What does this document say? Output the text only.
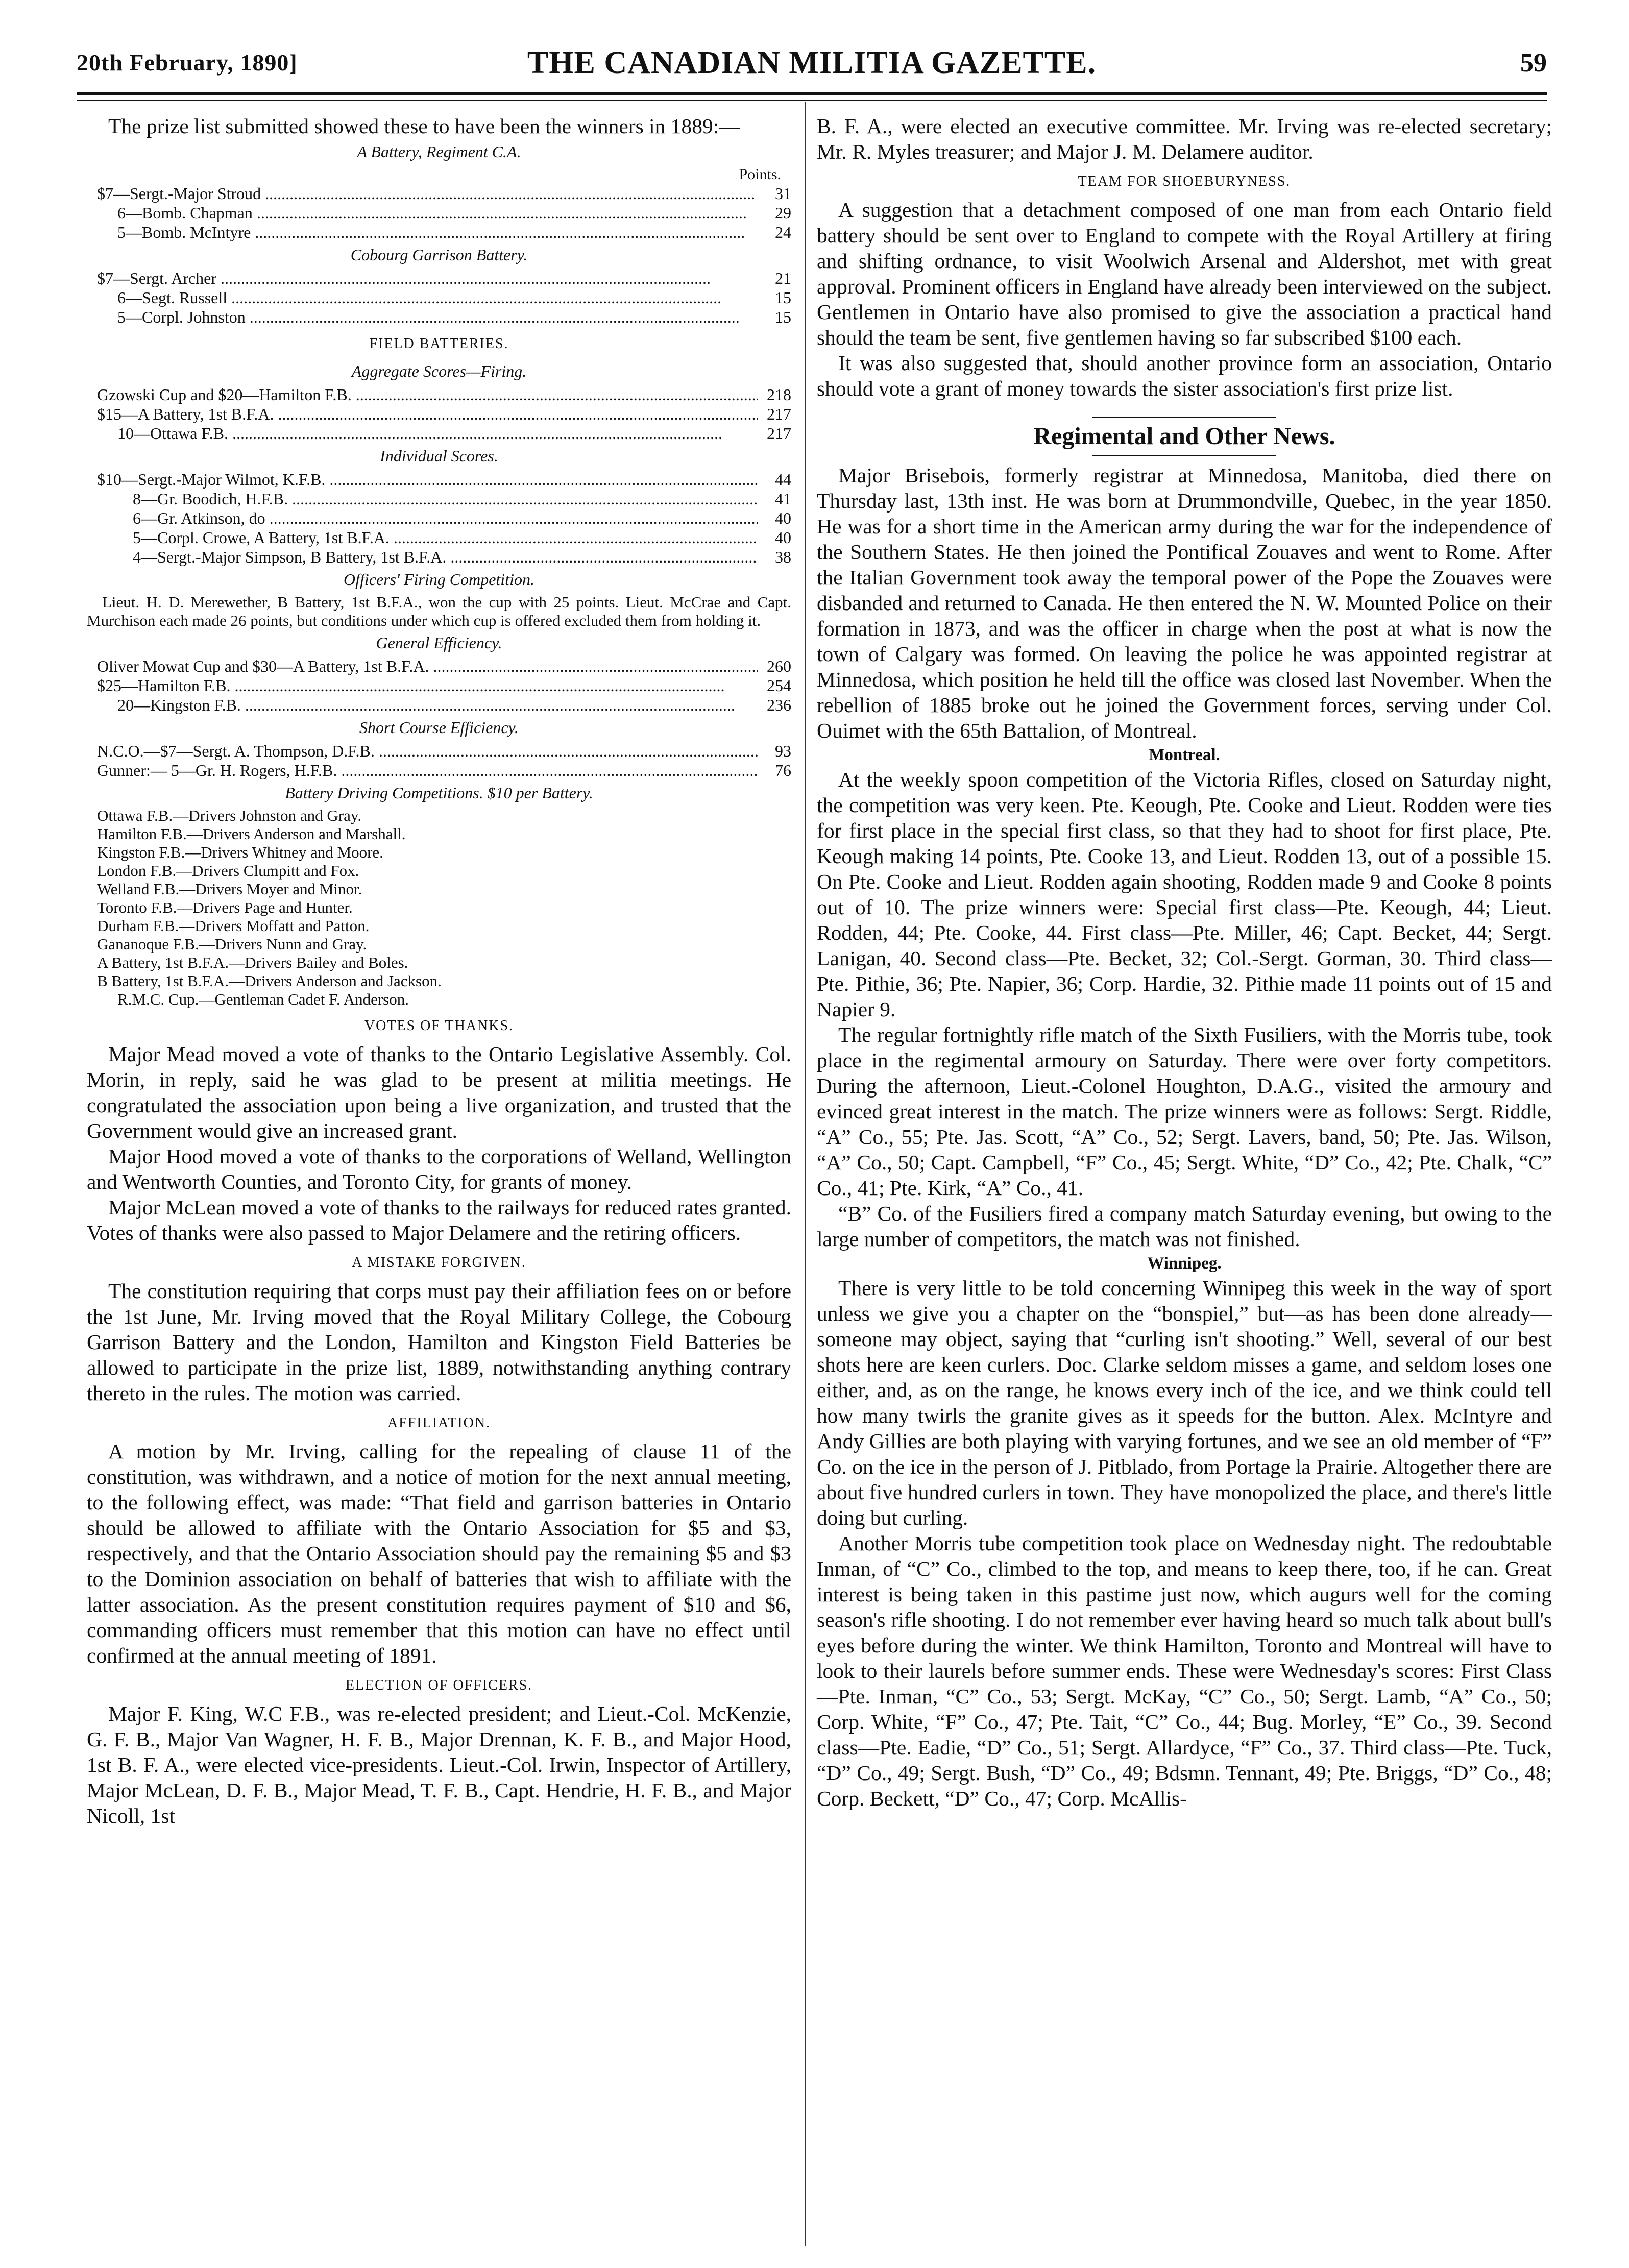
20th February, 1890]	THE CANADIAN MILITIA GAZETTE.	59

The prize list submitted showed these to have been the winners in 1889:—

A Battery, Regiment C.A.
Points.
$7—Sergt.-Major Stroud .....	31
6—Bomb. Chapman .....	29
5—Bomb. McIntyre .....	24
Cobourg Garrison Battery.
$7—Sergt. Archer .....	21
6—Segt. Russell .....	15
5—Corpl. Johnston .....	15
FIELD BATTERIES.
Aggregate Scores—Firing.
Gzowski Cup and $20—Hamilton F.B. .....	218
$15—A Battery, 1st B.F.A. .....	217
10—Ottawa F.B. .....	217
Individual Scores.
$10—Sergt.-Major Wilmot, K.F.B. .....	44
8—Gr. Boodich, H.F.B. .....	41
6—Gr. Atkinson, do .....	40
5—Corpl. Crowe, A Battery, 1st B.F.A. .....	40
4—Sergt.-Major Simpson, B Battery, 1st B.F.A. .....	38
Officers' Firing Competition.

Lieut. H. D. Merewether, B Battery, 1st B.F.A., won the cup with 25 points. Lieut. McCrae and Capt. Murchison each made 26 points, but conditions under which cup is offered excluded them from holding it.

General Efficiency.
Oliver Mowat Cup and $30—A Battery, 1st B.F.A. .....	260
$25—Hamilton F.B. .....	254
20—Kingston F.B. .....	236
Short Course Efficiency.
N.C.O.—$7—Sergt. A. Thompson, D.F.B. .....	93
Gunner:— 5—Gr. H. Rogers, H.F.B. .....	76
Battery Driving Competitions. $10 per Battery.
Ottawa F.B.—Drivers Johnston and Gray.
Hamilton F.B.—Drivers Anderson and Marshall.
Kingston F.B.—Drivers Whitney and Moore.
London F.B.—Drivers Clumpitt and Fox.
Welland F.B.—Drivers Moyer and Minor.
Toronto F.B.—Drivers Page and Hunter.
Durham F.B.—Drivers Moffatt and Patton.
Gananoque F.B.—Drivers Nunn and Gray.
A Battery, 1st B.F.A.—Drivers Bailey and Boles.
B Battery, 1st B.F.A.—Drivers Anderson and Jackson.
R.M.C. Cup.—Gentleman Cadet F. Anderson.
VOTES OF THANKS.

Major Mead moved a vote of thanks to the Ontario Legislative Assembly. Col. Morin, in reply, said he was glad to be present at militia meetings. He congratulated the association upon being a live organization, and trusted that the Government would give an increased grant.

Major Hood moved a vote of thanks to the corporations of Welland, Wellington and Wentworth Counties, and Toronto City, for grants of money.

Major McLean moved a vote of thanks to the railways for reduced rates granted. Votes of thanks were also passed to Major Delamere and the retiring officers.

A MISTAKE FORGIVEN.

The constitution requiring that corps must pay their affiliation fees on or before the 1st June, Mr. Irving moved that the Royal Military College, the Cobourg Garrison Battery and the London, Hamilton and Kingston Field Batteries be allowed to participate in the prize list, 1889, notwithstanding anything contrary thereto in the rules. The motion was carried.

AFFILIATION.

A motion by Mr. Irving, calling for the repealing of clause 11 of the constitution, was withdrawn, and a notice of motion for the next annual meeting, to the following effect, was made: “That field and garrison batteries in Ontario should be allowed to affiliate with the Ontario Association for $5 and $3, respectively, and that the Ontario Association should pay the remaining $5 and $3 to the Dominion association on behalf of batteries that wish to affiliate with the latter association. As the present constitution requires payment of $10 and $6, commanding officers must remember that this motion can have no effect until confirmed at the annual meeting of 1891.

ELECTION OF OFFICERS.

Major F. King, W.C F.B., was re-elected president; and Lieut.-Col. McKenzie, G. F. B., Major Van Wagner, H. F. B., Major Drennan, K. F. B., and Major Hood, 1st B. F. A., were elected vice-presidents. Lieut.-Col. Irwin, Inspector of Artillery, Major McLean, D. F. B., Major Mead, T. F. B., Capt. Hendrie, H. F. B., and Major Nicoll, 1st

B. F. A., were elected an executive committee. Mr. Irving was re-elected secretary; Mr. R. Myles treasurer; and Major J. M. Delamere auditor.

TEAM FOR SHOEBURYNESS.

A suggestion that a detachment composed of one man from each Ontario field battery should be sent over to England to compete with the Royal Artillery at firing and shifting ordnance, to visit Woolwich Arsenal and Aldershot, met with great approval. Prominent officers in England have already been interviewed on the subject. Gentlemen in Ontario have also promised to give the association a practical hand should the team be sent, five gentlemen having so far subscribed $100 each.

It was also suggested that, should another province form an association, Ontario should vote a grant of money towards the sister association's first prize list.

Regimental and Other News.

Major Brisebois, formerly registrar at Minnedosa, Manitoba, died there on Thursday last, 13th inst. He was born at Drummondville, Quebec, in the year 1850. He was for a short time in the American army during the war for the independence of the Southern States. He then joined the Pontifical Zouaves and went to Rome. After the Italian Government took away the temporal power of the Pope the Zouaves were disbanded and returned to Canada. He then entered the N. W. Mounted Police on their formation in 1873, and was the officer in charge when the post at what is now the town of Calgary was formed. On leaving the police he was appointed registrar at Minnedosa, which position he held till the office was closed last November. When the rebellion of 1885 broke out he joined the Government forces, serving under Col. Ouimet with the 65th Battalion, of Montreal.

Montreal.

At the weekly spoon competition of the Victoria Rifles, closed on Saturday night, the competition was very keen. Pte. Keough, Pte. Cooke and Lieut. Rodden were ties for first place in the special first class, so that they had to shoot for first place, Pte. Keough making 14 points, Pte. Cooke 13, and Lieut. Rodden 13, out of a possible 15. On Pte. Cooke and Lieut. Rodden again shooting, Rodden made 9 and Cooke 8 points out of 10. The prize winners were: Special first class—Pte. Keough, 44; Lieut. Rodden, 44; Pte. Cooke, 44. First class—Pte. Miller, 46; Capt. Becket, 44; Sergt. Lanigan, 40. Second class—Pte. Becket, 32; Col.-Sergt. Gorman, 30. Third class—Pte. Pithie, 36; Pte. Napier, 36; Corp. Hardie, 32. Pithie made 11 points out of 15 and Napier 9.

The regular fortnightly rifle match of the Sixth Fusiliers, with the Morris tube, took place in the regimental armoury on Saturday. There were over forty competitors. During the afternoon, Lieut.-Colonel Houghton, D.A.G., visited the armoury and evinced great interest in the match. The prize winners were as follows: Sergt. Riddle, “A” Co., 55; Pte. Jas. Scott, “A” Co., 52; Sergt. Lavers, band, 50; Pte. Jas. Wilson, “A” Co., 50; Capt. Campbell, “F” Co., 45; Sergt. White, “D” Co., 42; Pte. Chalk, “C” Co., 41; Pte. Kirk, “A” Co., 41.

“B” Co. of the Fusiliers fired a company match Saturday evening, but owing to the large number of competitors, the match was not finished.

Winnipeg.

There is very little to be told concerning Winnipeg this week in the way of sport unless we give you a chapter on the “bonspiel,” but—as has been done already—someone may object, saying that “curling isn't shooting.” Well, several of our best shots here are keen curlers. Doc. Clarke seldom misses a game, and seldom loses one either, and, as on the range, he knows every inch of the ice, and we think could tell how many twirls the granite gives as it speeds for the button. Alex. McIntyre and Andy Gillies are both playing with varying fortunes, and we see an old member of “F” Co. on the ice in the person of J. Pitblado, from Portage la Prairie. Altogether there are about five hundred curlers in town. They have monopolized the place, and there's little doing but curling.

Another Morris tube competition took place on Wednesday night. The redoubtable Inman, of “C” Co., climbed to the top, and means to keep there, too, if he can. Great interest is being taken in this pastime just now, which augurs well for the coming season's rifle shooting. I do not remember ever having heard so much talk about bull's eyes before during the winter. We think Hamilton, Toronto and Montreal will have to look to their laurels before summer ends. These were Wednesday's scores: First Class—Pte. Inman, “C” Co., 53; Sergt. McKay, “C” Co., 50; Sergt. Lamb, “A” Co., 50; Corp. White, “F” Co., 47; Pte. Tait, “C” Co., 44; Bug. Morley, “E” Co., 39. Second class—Pte. Eadie, “D” Co., 51; Sergt. Allardyce, “F” Co., 37. Third class—Pte. Tuck, “D” Co., 49; Sergt. Bush, “D” Co., 49; Bdsmn. Tennant, 49; Pte. Briggs, “D” Co., 48; Corp. Beckett, “D” Co., 47; Corp. McAllis-
